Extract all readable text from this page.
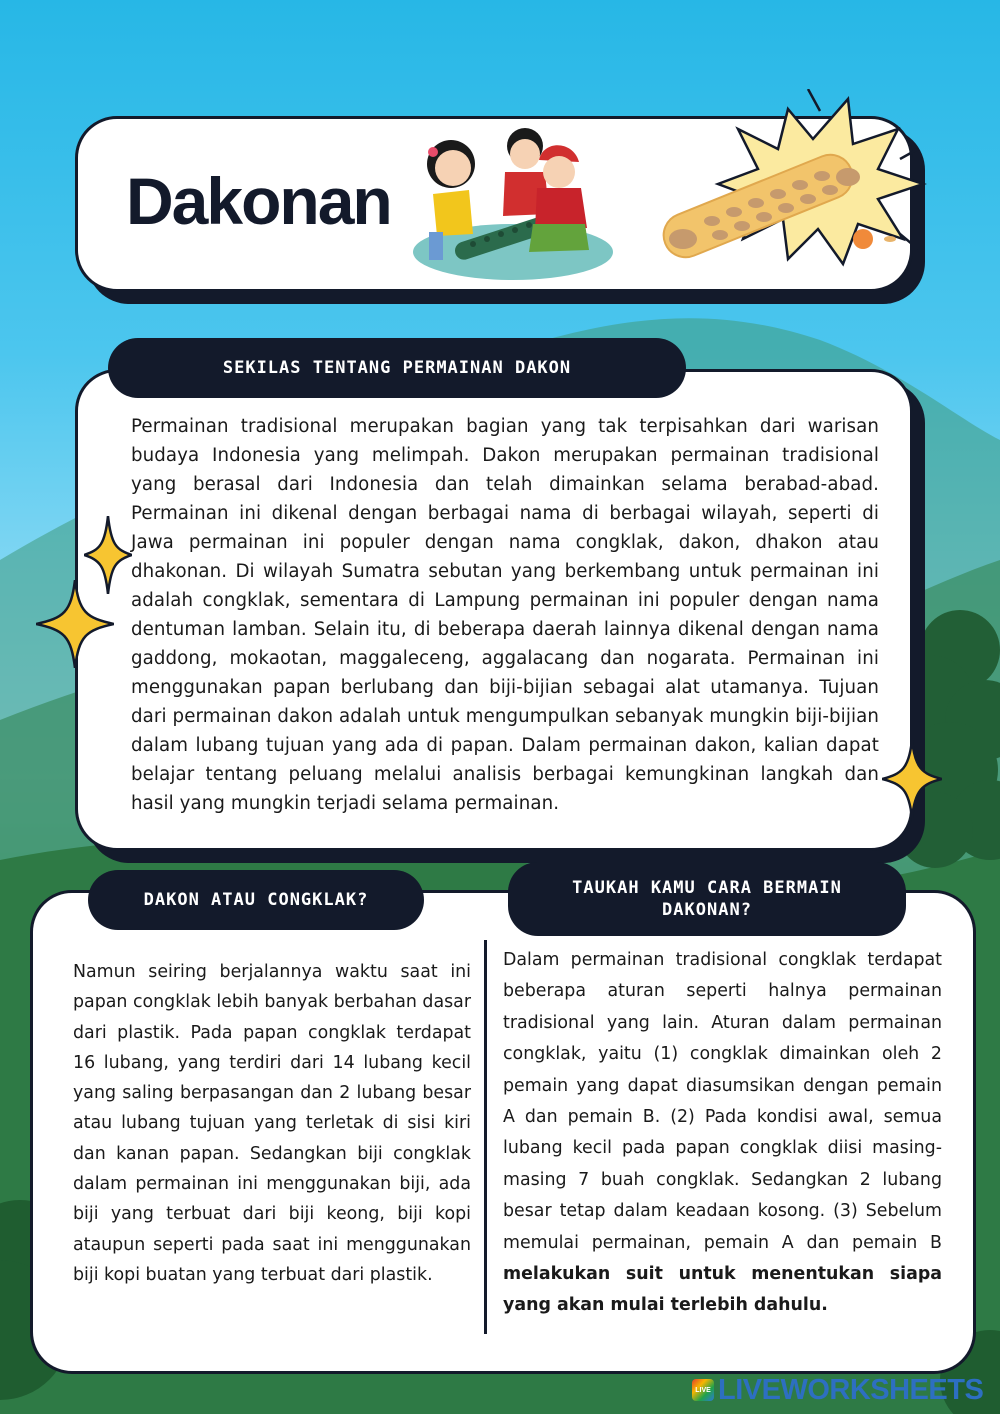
Dakonan
SEKILAS TENTANG PERMAINAN DAKON

Permainan tradisional merupakan bagian yang tak terpisahkan dari warisan budaya Indonesia yang melimpah. Dakon merupakan permainan tradisional yang berasal dari Indonesia dan telah dimainkan selama berabad-abad. Permainan ini dikenal dengan berbagai nama di berbagai wilayah, seperti di Jawa permainan ini populer dengan nama congklak, dakon, dhakon atau dhakonan. Di wilayah Sumatra sebutan yang berkembang untuk permainan ini adalah congklak, sementara di Lampung permainan ini populer dengan nama dentuman lamban. Selain itu, di beberapa daerah lainnya dikenal dengan nama gaddong, mokaotan, maggaleceng, aggalacang dan nogarata. Permainan ini menggunakan papan berlubang dan biji-bijian sebagai alat utamanya. Tujuan dari permainan dakon adalah untuk mengumpulkan sebanyak mungkin biji-bijian dalam lubang tujuan yang ada di papan. Dalam permainan dakon, kalian dapat belajar tentang peluang melalui analisis berbagai kemungkinan langkah dan hasil yang mungkin terjadi selama permainan.

DAKON ATAU CONGKLAK?
TAUKAH KAMU CARA BERMAIN DAKONAN?

Namun seiring berjalannya waktu saat ini papan congklak lebih banyak berbahan dasar dari plastik. Pada papan congklak terdapat 16 lubang, yang terdiri dari 14 lubang kecil yang saling berpasangan dan 2 lubang besar atau lubang tujuan yang terletak di sisi kiri dan kanan papan. Sedangkan biji congklak dalam permainan ini menggunakan biji, ada biji yang terbuat dari biji keong, biji kopi ataupun seperti pada saat ini menggunakan biji kopi buatan yang terbuat dari plastik.

Dalam permainan tradisional congklak terdapat beberapa aturan seperti halnya permainan tradisional yang lain. Aturan dalam permainan congklak, yaitu (1) congklak dimainkan oleh 2 pemain yang dapat diasumsikan dengan pemain A dan pemain B. (2) Pada kondisi awal, semua lubang kecil pada papan congklak diisi masing-masing 7 buah congklak. Sedangkan 2 lubang besar tetap dalam keadaan kosong. (3) Sebelum memulai permainan, pemain A dan pemain B melakukan suit untuk menentukan siapa yang akan mulai terlebih dahulu.

LIVE LIVEWORKSHEETS
